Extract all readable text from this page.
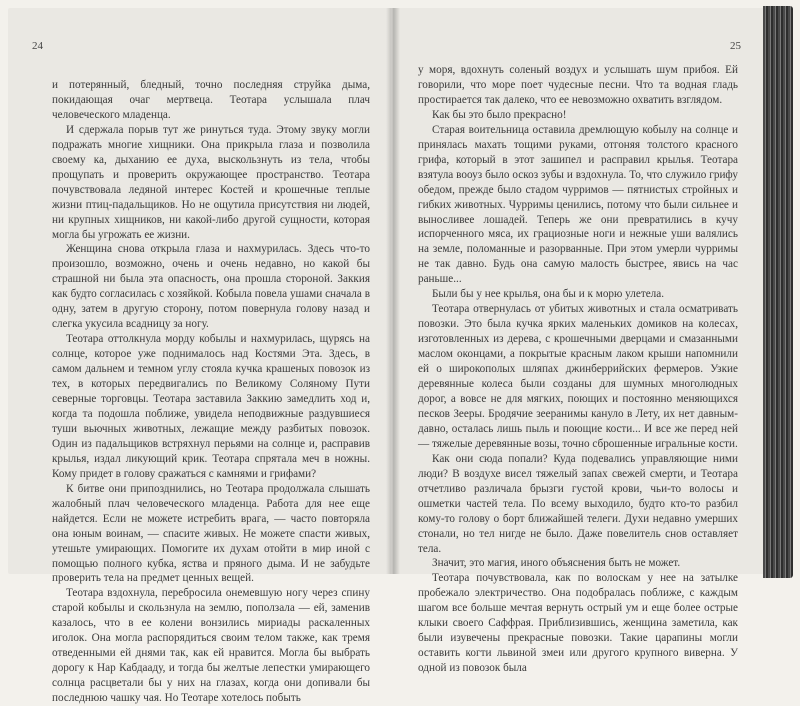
24

и потерянный, бледный, точно последняя струйка дыма, покидающая очаг мертвеца. Теотара услышала плач человеческого младенца.

И сдержала порыв тут же ринуться туда. Этому звуку могли подражать многие хищники. Она прикрыла глаза и позволила своему ка, дыханию ее духа, выскользнуть из тела, чтобы прощупать и проверить окружающее пространство. Теотара почувствовала ледяной интерес Костей и крошечные теплые жизни птиц-падальщиков. Но не ощутила присутствия ни людей, ни крупных хищников, ни какой-либо другой сущности, которая могла бы угрожать ее жизни.

Женщина снова открыла глаза и нахмурилась. Здесь что-то произошло, возможно, очень и очень недавно, но какой бы страшной ни была эта опасность, она прошла стороной. Заккия как будто согласилась с хозяйкой. Кобыла повела ушами сначала в одну, затем в другую сторону, потом повернула голову назад и слегка укусила всадницу за ногу.

Теотара оттолкнула морду кобылы и нахмурилась, щурясь на солнце, которое уже поднималось над Костями Эта. Здесь, в самом дальнем и темном углу стояла кучка крашеных повозок из тех, в которых передвигались по Великому Соляному Пути северные торговцы. Теотара заставила Заккию замедлить ход и, когда та подошла поближе, увидела неподвижные раздувшиеся туши вьючных животных, лежащие между разбитых повозок. Один из падальщиков встряхнул перьями на солнце и, расправив крылья, издал ликующий крик. Теотара спрятала меч в ножны. Кому придет в голову сражаться с камнями и грифами?

К битве они припозднились, но Теотара продолжала слышать жалобный плач человеческого младенца. Работа для нее еще найдется. Если не можете истребить врага, — часто повторяла она юным воинам, — спасите живых. Не можете спасти живых, утешьте умирающих. Помогите их духам отойти в мир иной с помощью полного кубка, яства и пряного дыма. И не забудьте проверить тела на предмет ценных вещей.

Теотара вздохнула, перебросила онемевшую ногу через спину старой кобылы и скользнула на землю, поползала — ей, заменив казалось, что в ее колени вонзились мириады раскаленных иголок. Она могла распорядиться своим телом также, как тремя отведенными ей днями так, как ей нравится. Могла бы выбрать дорогу к Нар Кабдааду, и тогда бы желтые лепестки умирающего солнца расцветали бы у них на глазах, когда они допивали бы последнюю чашку чая. Но Теотаре хотелось побыть

25

у моря, вдохнуть соленый воздух и услышать шум прибоя. Ей говорили, что море поет чудесные песни. Что та водная гладь простирается так далеко, что ее невозможно охватить взглядом.

Как бы это было прекрасно!

Старая воительница оставила дремлющую кобылу на солнце и принялась махать тощими руками, отгоняя толстого красного грифа, который в этот зашипел и расправил крылья. Теотара взятула вооуз было оскоз зубы и вздохнула. То, что служило грифу обедом, прежде было стадом чурримов — пятнистых стройных и гибких животных. Чурримы ценились, потому что были сильнее и выносливее лошадей. Теперь же они превратились в кучу испорченного мяса, их грациозные ноги и нежные уши валялись на земле, поломанные и разорванные. При этом умерли чурримы не так давно. Будь она самую малость быстрее, явись на час раньше...

Были бы у нее крылья, она бы и к морю улетела.

Теотара отвернулась от убитых животных и стала осматривать повозки. Это была кучка ярких маленьких домиков на колесах, изготовленных из дерева, с крошечными дверцами и смазанными маслом оконцами, а покрытые красным лаком крыши напомнили ей о широкополых шляпах джинберрийских фермеров. Узкие деревянные колеса были созданы для шумных многолюдных дорог, а вовсе не для мягких, поющих и постоянно меняющихся песков Зееры. Бродячие зееранимы кануло в Лету, их нет давным-давно, осталась лишь пыль и поющие кости... И все же перед ней — тяжелые деревянные возы, точно сброшенные игральные кости.

Как они сюда попали? Куда подевались управляющие ними люди? В воздухе висел тяжелый запах свежей смерти, и Теотара отчетливо различала брызги густой крови, чьи-то волосы и ошметки частей тела. По всему выходило, будто кто-то разбил кому-то голову о борт ближайшей телеги. Духи недавно умерших стонали, но тел нигде не было. Даже повелитель снов оставляет тела.

Значит, это магия, иного объяснения быть не может.

Теотара почувствовала, как по волоскам у нее на затылке пробежало электричество. Она подобралась поближе, с каждым шагом все больше мечтая вернуть острый ум и еще более острые клыки своего Саффрая. Приблизившись, женщина заметила, как были изувечены прекрасные повозки. Такие царапины могли оставить когти львиной змеи или другого крупного виверна. У одной из повозок была
